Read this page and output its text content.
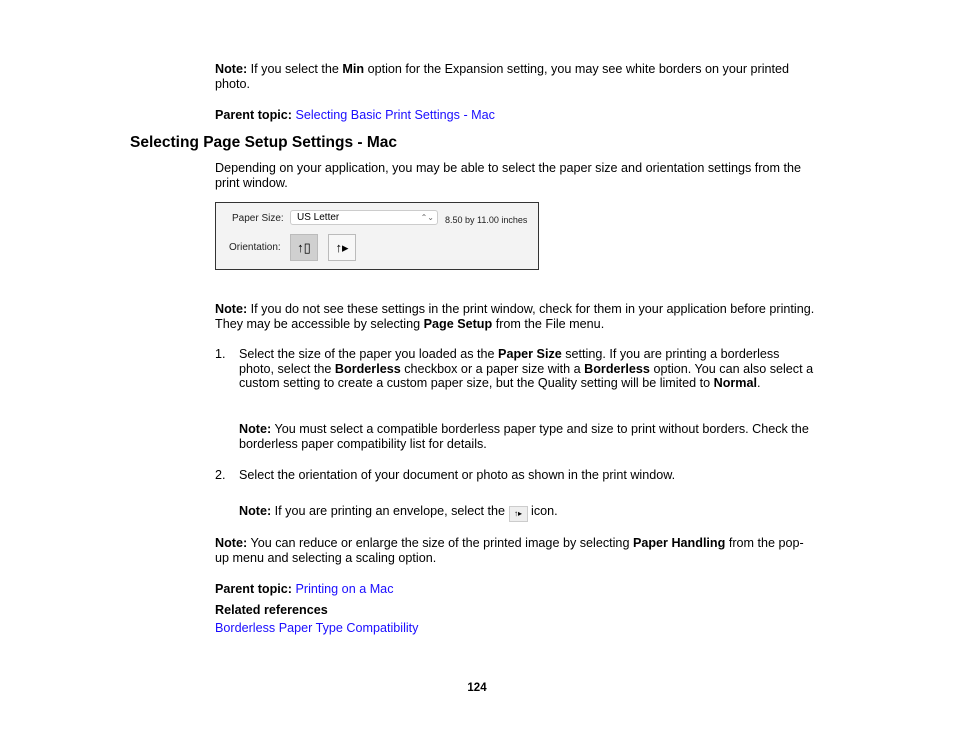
Note: If you select the Min option for the Expansion setting, you may see white borders on your printed photo.

Parent topic: Selecting Basic Print Settings - Mac

Selecting Page Setup Settings - Mac

Depending on your application, you may be able to select the paper size and orientation settings from the print window.

Paper Size:	US Letter	⌃⌄ 8.50 by 11.00 inches
Orientation:	↑▯	↑▸

Note: If you do not see these settings in the print window, check for them in your application before printing. They may be accessible by selecting Page Setup from the File menu.

1. Select the size of the paper you loaded as the Paper Size setting. If you are printing a borderless photo, select the Borderless checkbox or a paper size with a Borderless option. You can also select a custom setting to create a custom paper size, but the Quality setting will be limited to Normal.

Note: You must select a compatible borderless paper type and size to print without borders. Check the borderless paper compatibility list for details.

2. Select the orientation of your document or photo as shown in the print window.

Note: If you are printing an envelope, select the ↑▸ icon.

Note: You can reduce or enlarge the size of the printed image by selecting Paper Handling from the pop-up menu and selecting a scaling option.

Parent topic: Printing on a Mac

Related references
Borderless Paper Type Compatibility

124
